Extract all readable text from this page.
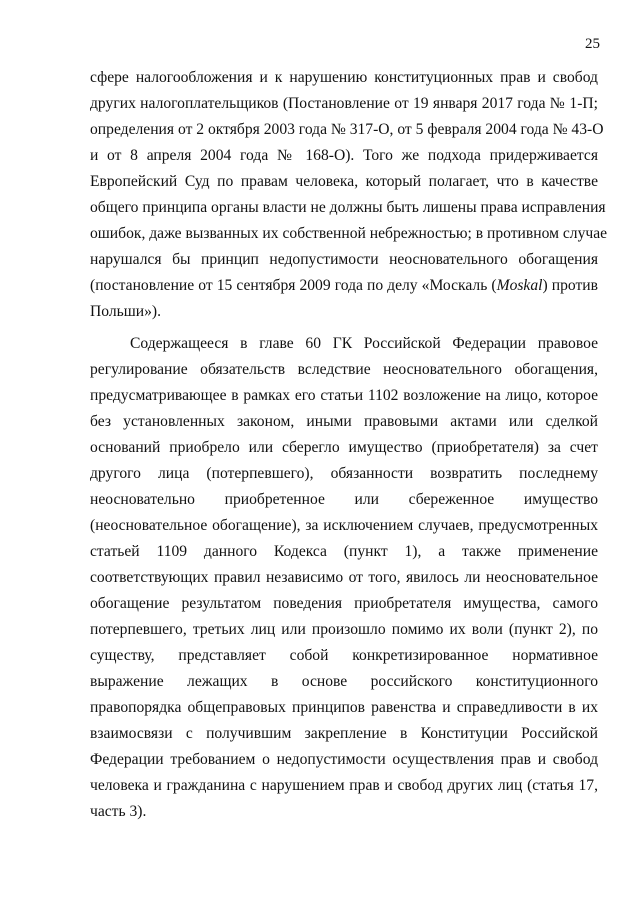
25
сфере налогообложения и к нарушению конституционных прав и свобод
других налогоплательщиков (Постановление от 19 января 2017 года № 1-П;
определения от 2 октября 2003 года № 317-О, от 5 февраля 2004 года № 43-О
и от 8 апреля 2004 года № 168-О). Того же подхода придерживается
Европейский Суд по правам человека, который полагает, что в качестве
общего принципа органы власти не должны быть лишены права исправления
ошибок, даже вызванных их собственной небрежностью; в противном случае
нарушался бы принцип недопустимости неосновательного обогащения
(постановление от 15 сентября 2009 года по делу «Москаль (Moskal) против
Польши»).
Содержащееся в главе 60 ГК Российской Федерации правовое
регулирование обязательств вследствие неосновательного обогащения,
предусматривающее в рамках его статьи 1102 возложение на лицо, которое
без установленных законом, иными правовыми актами или сделкой
оснований приобрело или сберегло имущество (приобретателя) за счет
другого лица (потерпевшего), обязанности возвратить последнему
неосновательно приобретенное или сбереженное имущество
(неосновательное обогащение), за исключением случаев, предусмотренных
статьей 1109 данного Кодекса (пункт 1), а также применение
соответствующих правил независимо от того, явилось ли неосновательное
обогащение результатом поведения приобретателя имущества, самого
потерпевшего, третьих лиц или произошло помимо их воли (пункт 2), по
существу, представляет собой конкретизированное нормативное
выражение лежащих в основе российского конституционного
правопорядка общеправовых принципов равенства и справедливости в их
взаимосвязи с получившим закрепление в Конституции Российской
Федерации требованием о недопустимости осуществления прав и свобод
человека и гражданина с нарушением прав и свобод других лиц (статья 17,
часть 3).
